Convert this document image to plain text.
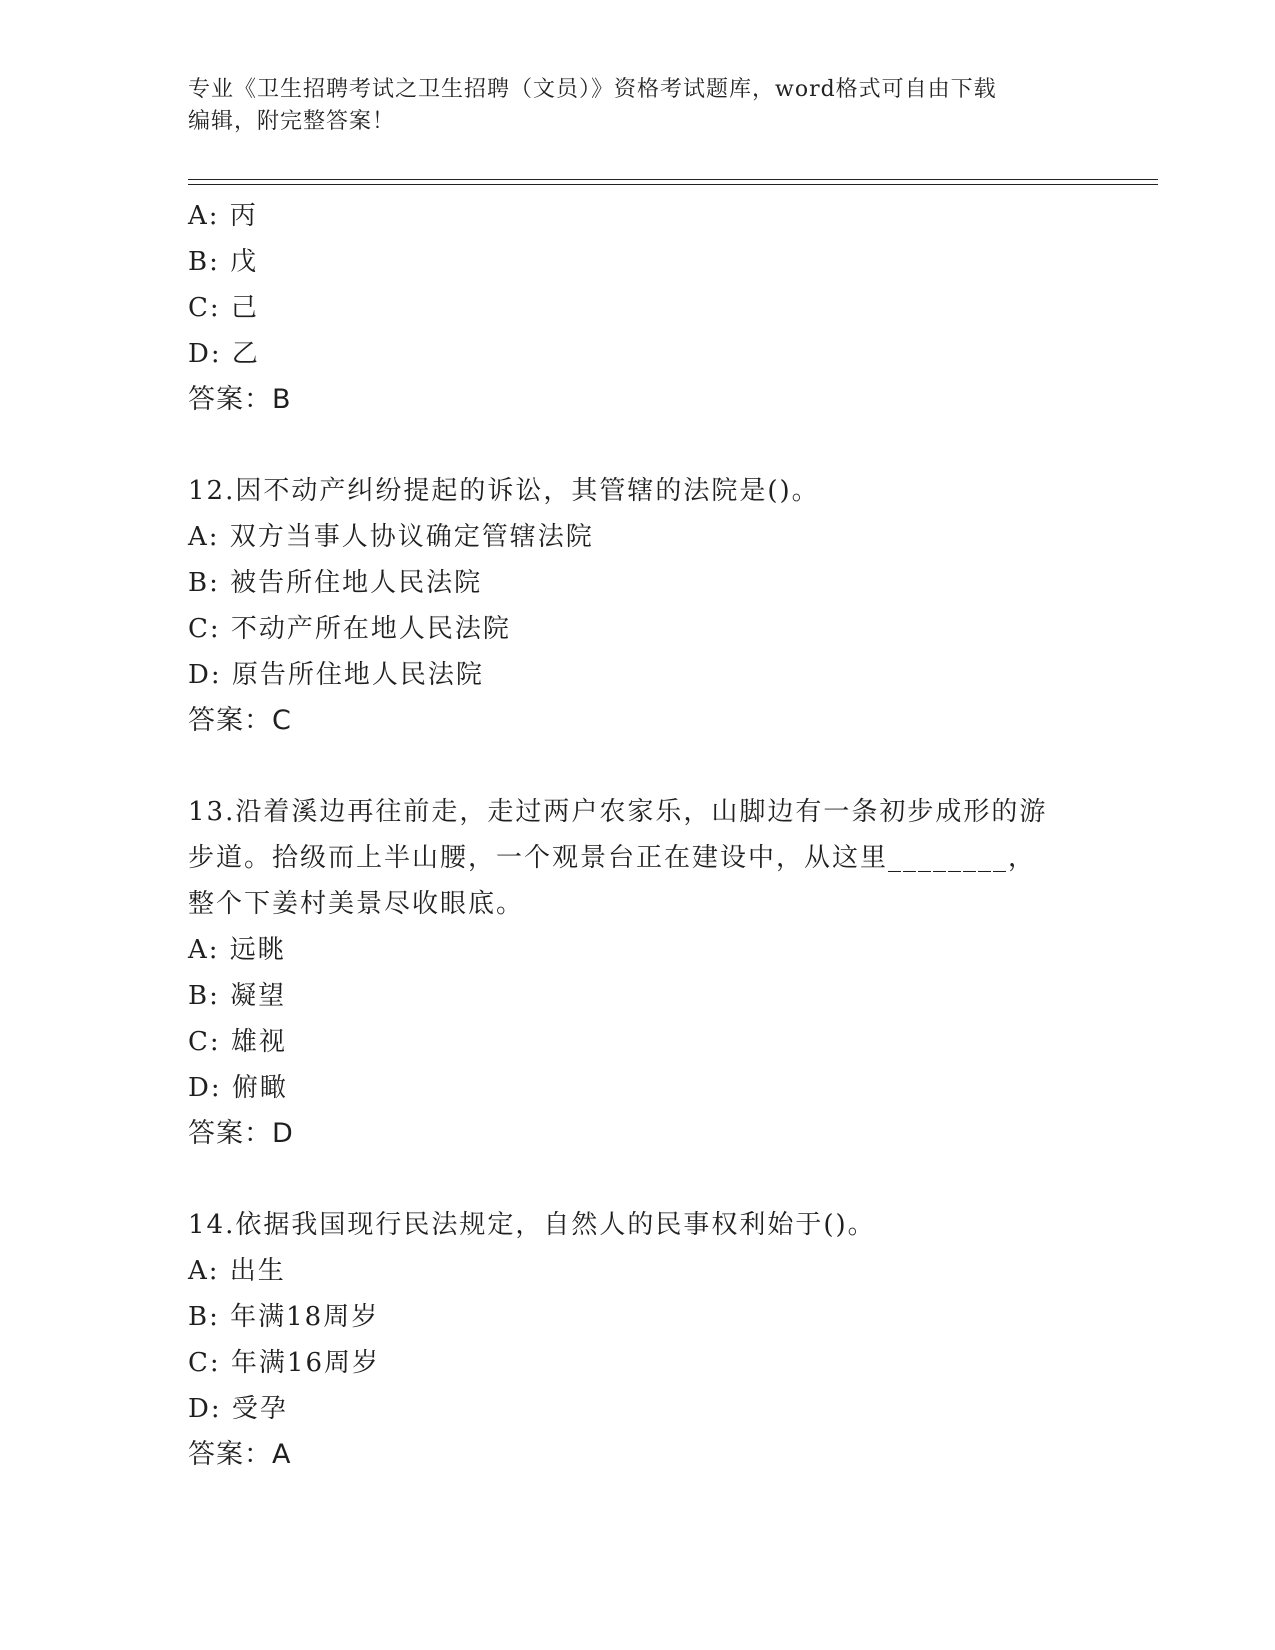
专业《卫生招聘考试之卫生招聘（文员）》资格考试题库，word格式可自由下载
编辑，附完整答案！
A: 丙
B: 戊
C: 己
D: 乙
答案：B
12.因不动产纠纷提起的诉讼，其管辖的法院是()。
A: 双方当事人协议确定管辖法院
B: 被告所住地人民法院
C: 不动产所在地人民法院
D: 原告所住地人民法院
答案：C
13.沿着溪边再往前走，走过两户农家乐，山脚边有一条初步成形的游
步道。拾级而上半山腰，一个观景台正在建设中，从这里________，
整个下姜村美景尽收眼底。
A: 远眺
B: 凝望
C: 雄视
D: 俯瞰
答案：D
14.依据我国现行民法规定，自然人的民事权利始于()。
A: 出生
B: 年满18周岁
C: 年满16周岁
D: 受孕
答案：A
